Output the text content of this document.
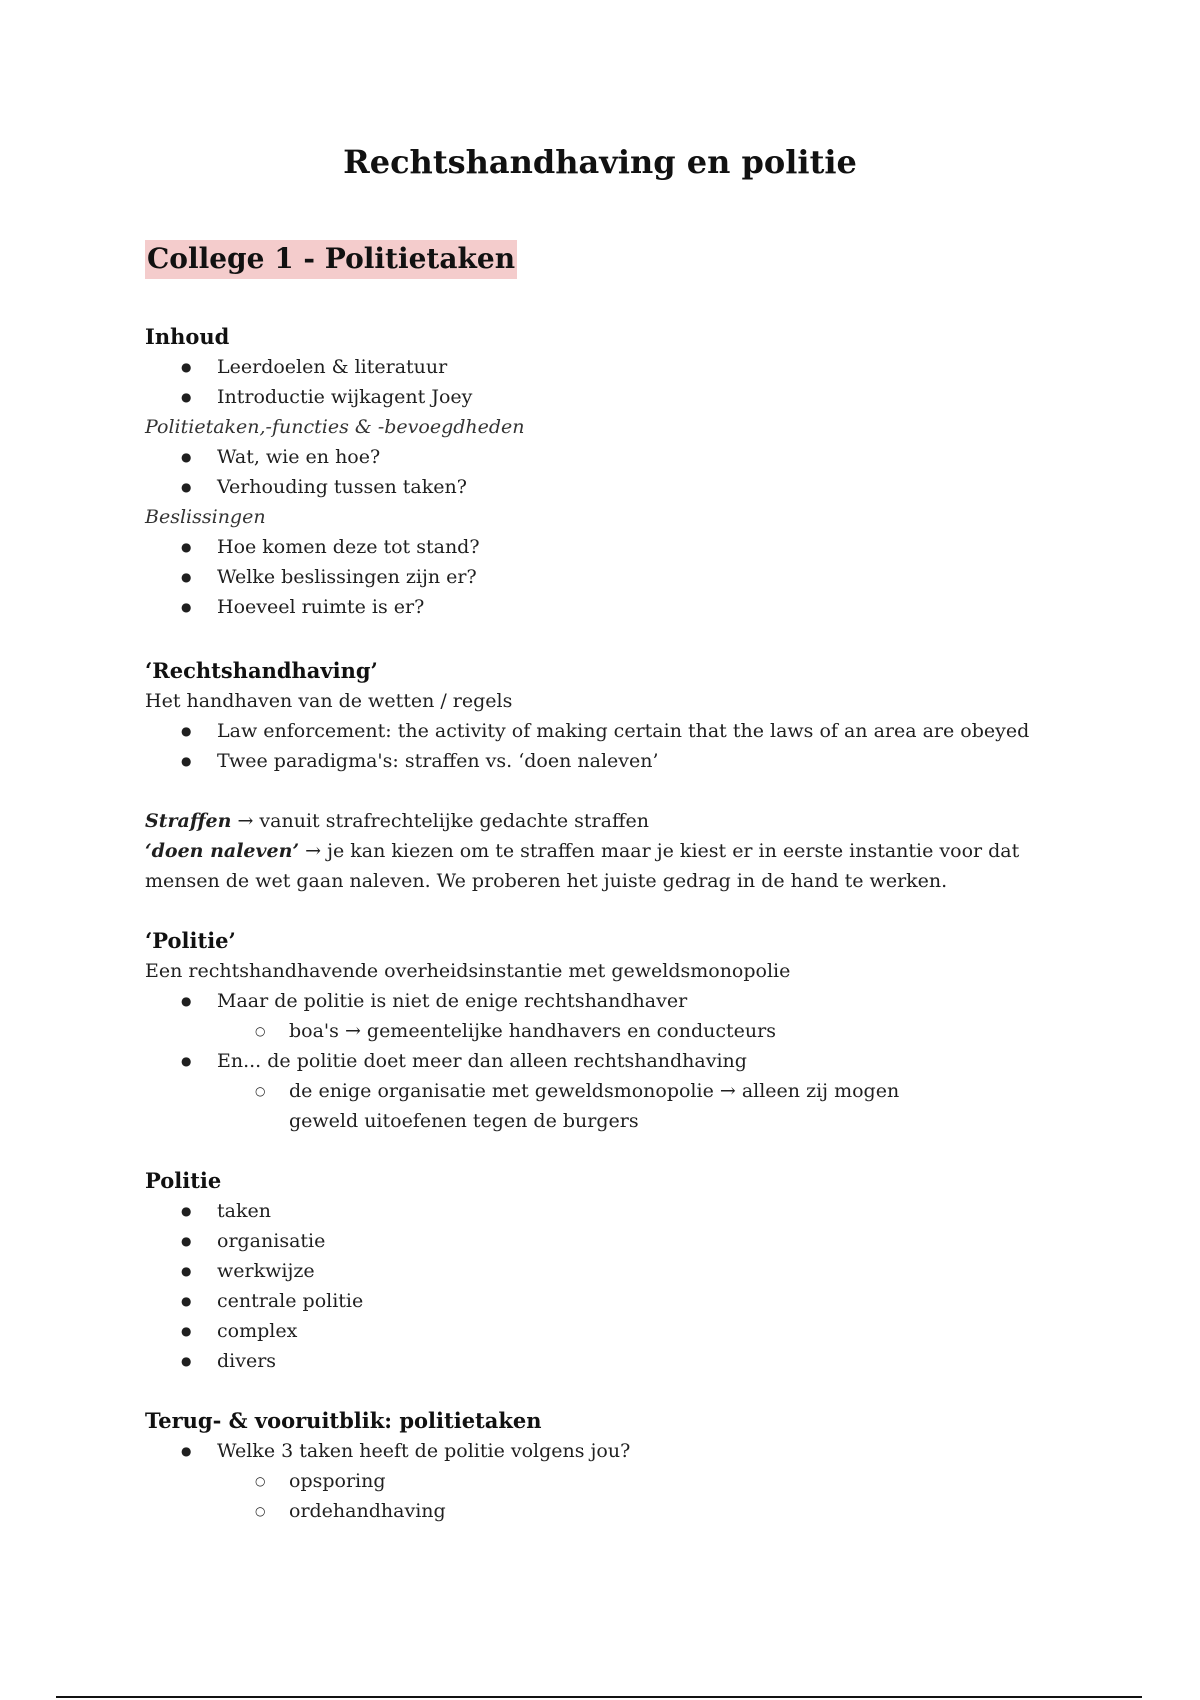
Rechtshandhaving en politie
College 1 - Politietaken
Inhoud
● Leerdoelen & literatuur
● Introductie wijkagent Joey
Politietaken,-functies & -bevoegdheden
● Wat, wie en hoe?
● Verhouding tussen taken?
Beslissingen
● Hoe komen deze tot stand?
● Welke beslissingen zijn er?
● Hoeveel ruimte is er?
‘Rechtshandhaving’
Het handhaven van de wetten / regels
● Law enforcement: the activity of making certain that the laws of an area are obeyed
● Twee paradigma's: straffen vs. ‘doen naleven’
Straffen → vanuit strafrechtelijke gedachte straffen
‘doen naleven’ → je kan kiezen om te straffen maar je kiest er in eerste instantie voor dat mensen de wet gaan naleven. We proberen het juiste gedrag in de hand te werken.
‘Politie’
Een rechtshandhavende overheidsinstantie met geweldsmonopolie
● Maar de politie is niet de enige rechtshandhaver
○ boa's → gemeentelijke handhavers en conducteurs
● En... de politie doet meer dan alleen rechtshandhaving
○ de enige organisatie met geweldsmonopolie → alleen zij mogen geweld uitoefenen tegen de burgers
Politie
● taken
● organisatie
● werkwijze
● centrale politie
● complex
● divers
Terug- & vooruitblik: politietaken
● Welke 3 taken heeft de politie volgens jou?
○ opsporing
○ ordehandhaving
